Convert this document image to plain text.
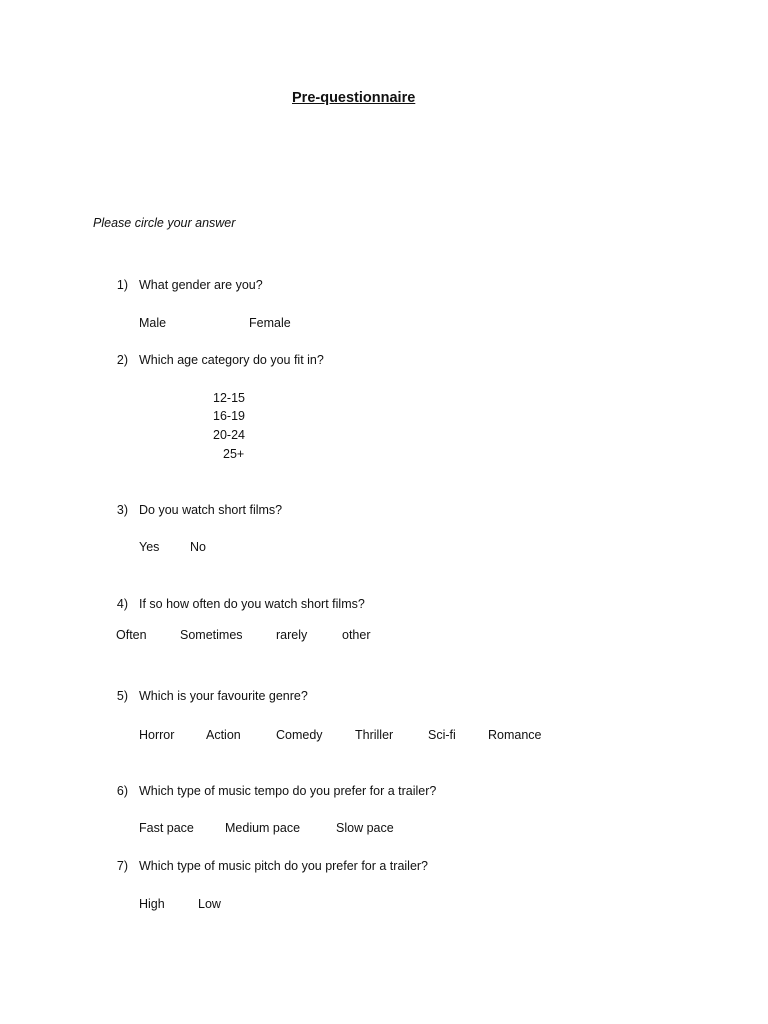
Pre-questionnaire
Please circle your answer
1) What gender are you?
Male	Female
2) Which age category do you fit in?
12-15
16-19
20-24
25+
3) Do you watch short films?
Yes No
4) If so how often do you watch short films?
Often	Sometimes	rarely	other
5) Which is your favourite genre?
Horror	Action	Comedy	Thriller	Sci-fi	Romance
6) Which type of music tempo do you prefer for a trailer?
Fast pace Medium pace	Slow pace
7) Which type of music pitch do you prefer for a trailer?
High	Low
